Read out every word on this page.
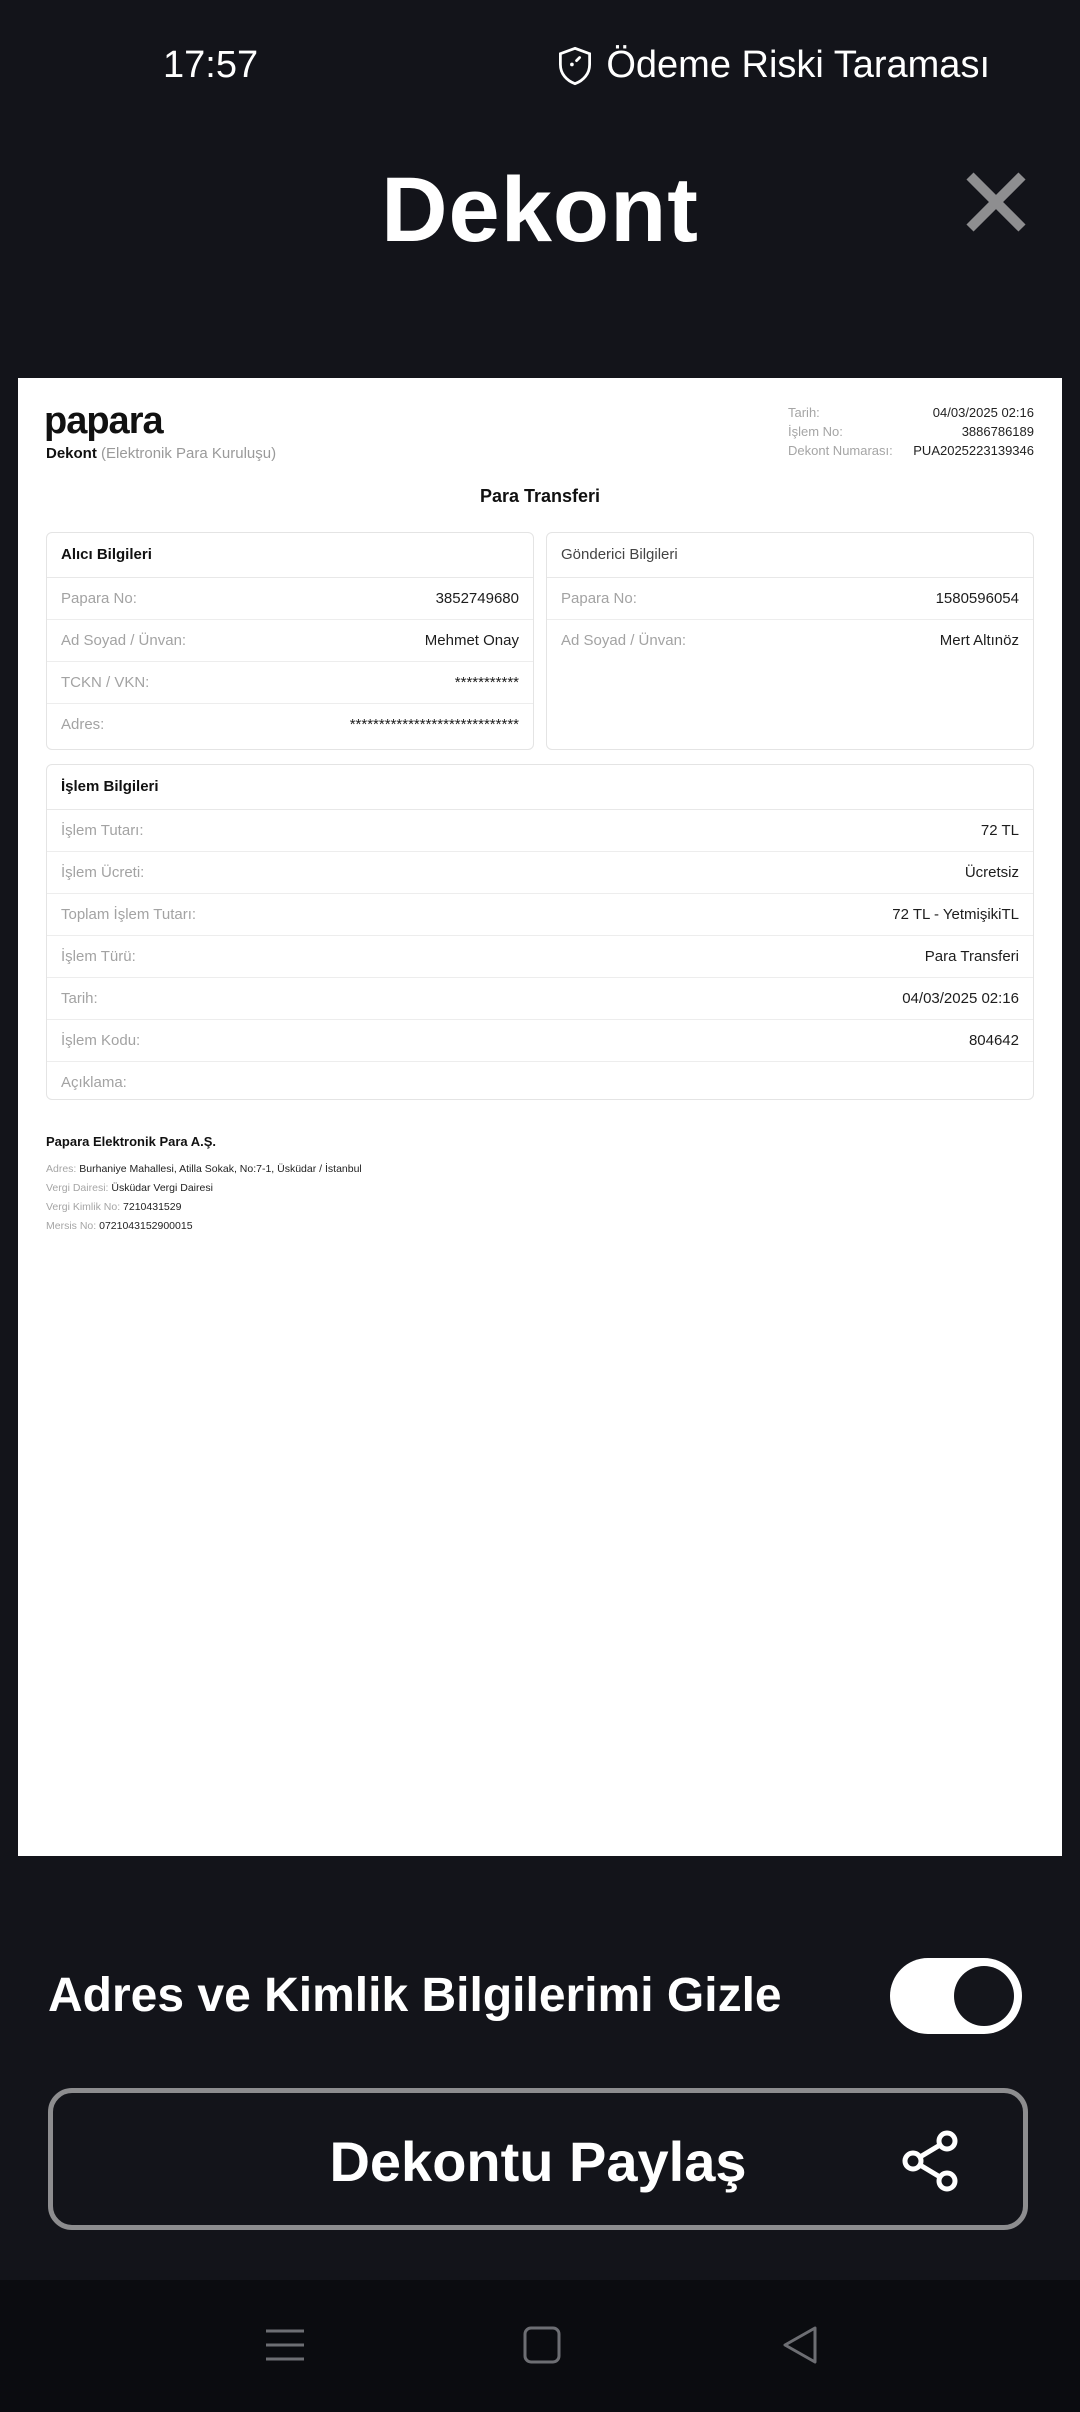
17:57	Ödeme Riski Taraması
Dekont
papara
Dekont (Elektronik Para Kuruluşu)
Tarih:	04/03/2025 02:16
İşlem No:	3886786189
Dekont Numarası: PUA2025223139346
Para Transferi
Alıcı Bilgileri
Papara No:	3852749680
Ad Soyad / Ünvan:	Mehmet Onay
TCKN / VKN:	***********
Adres:	*****************************
Gönderici Bilgileri
Papara No:	1580596054
Ad Soyad / Ünvan:	Mert Altınöz
İşlem Bilgileri
İşlem Tutarı:	72 TL
İşlem Ücreti:	Ücretsiz
Toplam İşlem Tutarı:	72 TL - YetmişikiTL
İşlem Türü:	Para Transferi
Tarih:	04/03/2025 02:16
İşlem Kodu:	804642
Açıklama:
Papara Elektronik Para A.Ş.
Adres: Burhaniye Mahallesi, Atilla Sokak, No:7-1, Üsküdar / İstanbul
Vergi Dairesi: Üsküdar Vergi Dairesi
Vergi Kimlik No: 7210431529
Mersis No: 0721043152900015
Adres ve Kimlik Bilgilerimi Gizle
Dekontu Paylaş
